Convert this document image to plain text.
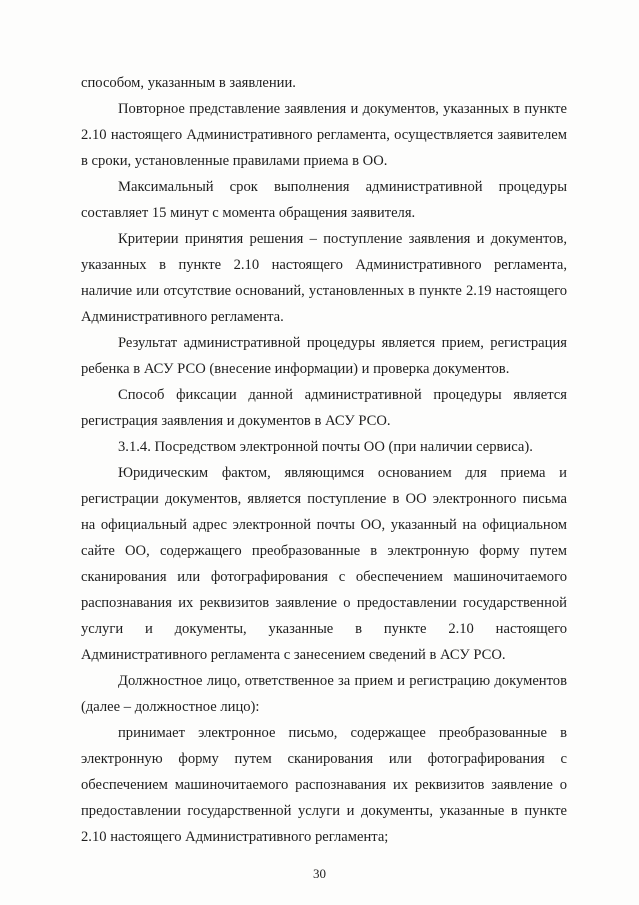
способом, указанным в заявлении.

Повторное представление заявления и документов, указанных в пункте 2.10 настоящего Административного регламента, осуществляется заявителем в сроки, установленные правилами приема в ОО.

Максимальный срок выполнения административной процедуры составляет 15 минут с момента обращения заявителя.

Критерии принятия решения – поступление заявления и документов, указанных в пункте 2.10 настоящего Административного регламента, наличие или отсутствие оснований, установленных в пункте 2.19 настоящего Административного регламента.

Результат административной процедуры является прием, регистрация ребенка в АСУ РСО (внесение информации) и проверка документов.

Способ фиксации данной административной процедуры является регистрация заявления и документов в АСУ РСО.

3.1.4. Посредством электронной почты ОО (при наличии сервиса).

Юридическим фактом, являющимся основанием для приема и регистрации документов, является поступление в ОО электронного письма на официальный адрес электронной почты ОО, указанный на официальном сайте ОО, содержащего преобразованные в электронную форму путем сканирования или фотографирования с обеспечением машиночитаемого распознавания их реквизитов заявление о предоставлении государственной услуги и документы, указанные в пункте 2.10 настоящего Административного регламента с занесением сведений в АСУ РСО.

Должностное лицо, ответственное за прием и регистрацию документов (далее – должностное лицо):

принимает электронное письмо, содержащее преобразованные в электронную форму путем сканирования или фотографирования с обеспечением машиночитаемого распознавания их реквизитов заявление о предоставлении государственной услуги и документы, указанные в пункте 2.10 настоящего Административного регламента;

30
